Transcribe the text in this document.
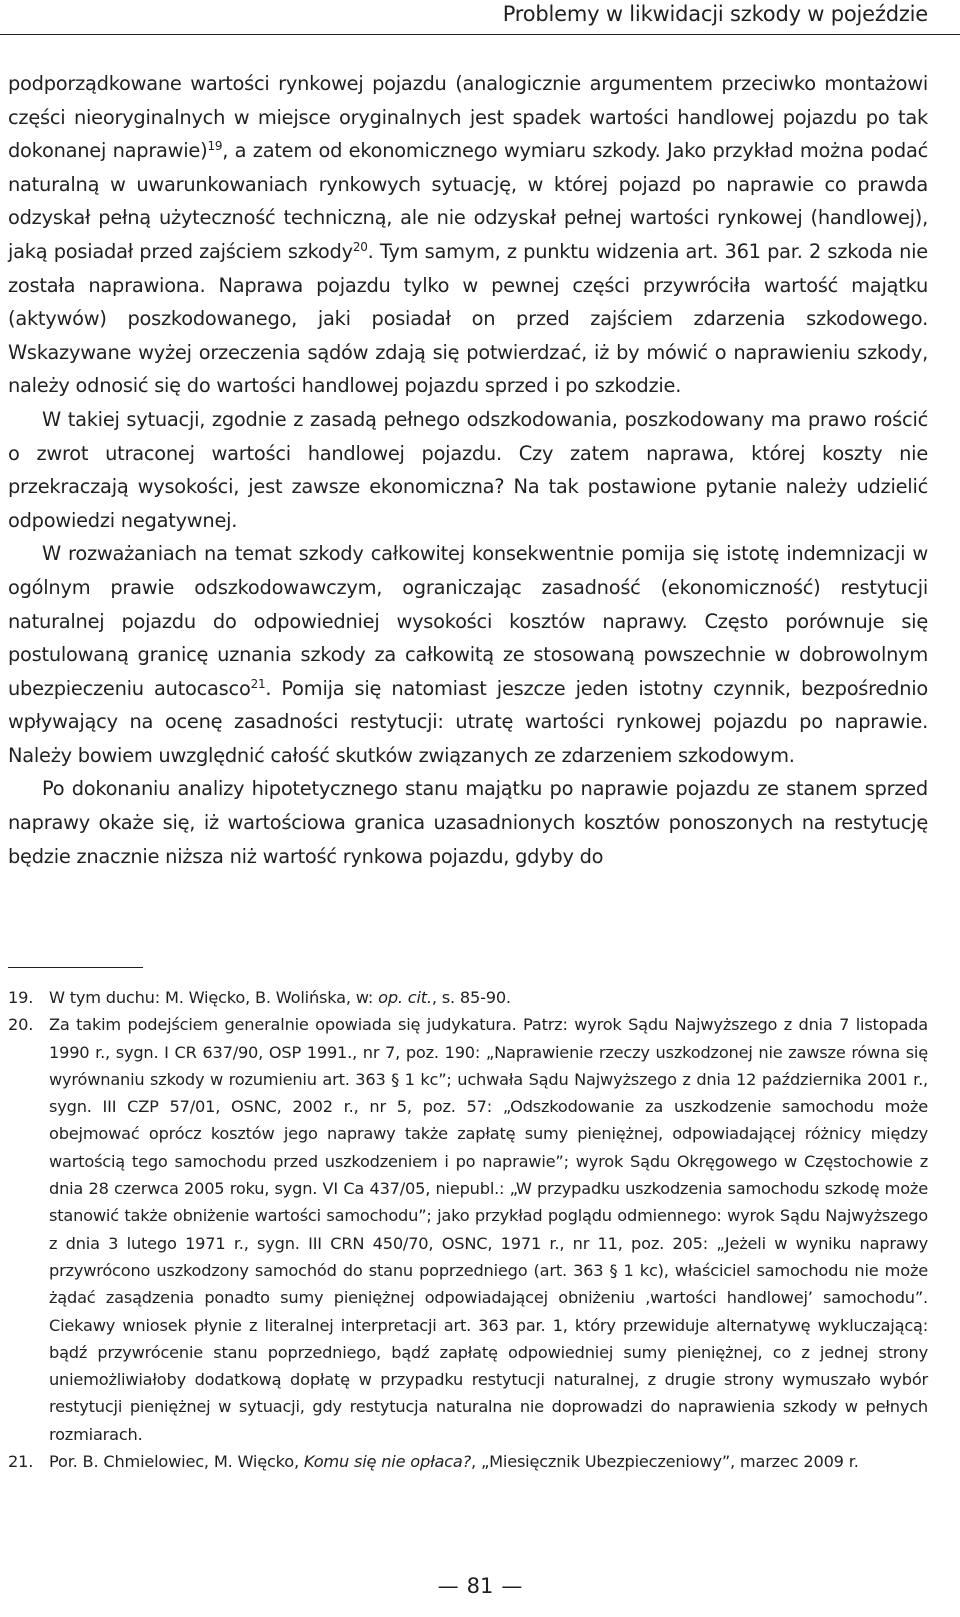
Problemy w likwidacji szkody w pojeździe

podporządkowane wartości rynkowej pojazdu (analogicznie argumentem przeciwko montażowi części nieoryginalnych w miejsce oryginalnych jest spadek wartości handlowej pojazdu po tak dokonanej naprawie)$^{19}$, a zatem od ekonomicznego wymiaru szkody. Jako przykład można podać naturalną w uwarunkowaniach rynkowych sytuację, w której pojazd po naprawie co prawda odzyskał pełną użyteczność techniczną, ale nie odzyskał pełnej wartości rynkowej (handlowej), jaką posiadał przed zajściem szkody$^{20}$. Tym samym, z punktu widzenia art. 361 par. 2 szkoda nie została naprawiona. Naprawa pojazdu tylko w pewnej części przywróciła wartość majątku (aktywów) poszkodowanego, jaki posiadał on przed zajściem zdarzenia szkodowego. Wskazywane wyżej orzeczenia sądów zdają się potwierdzać, iż by mówić o naprawieniu szkody, należy odnosić się do wartości handlowej pojazdu sprzed i po szkodzie.

W takiej sytuacji, zgodnie z zasadą pełnego odszkodowania, poszkodowany ma prawo rościć o zwrot utraconej wartości handlowej pojazdu. Czy zatem naprawa, której koszty nie przekraczają wysokości, jest zawsze ekonomiczna? Na tak postawione pytanie należy udzielić odpowiedzi negatywnej.

W rozważaniach na temat szkody całkowitej konsekwentnie pomija się istotę indemnizacji w ogólnym prawie odszkodowawczym, ograniczając zasadność (ekonomiczność) restytucji naturalnej pojazdu do odpowiedniej wysokości kosztów naprawy. Często porównuje się postulowaną granicę uznania szkody za całkowitą ze stosowaną powszechnie w dobrowolnym ubezpieczeniu autocasco$^{21}$. Pomija się natomiast jeszcze jeden istotny czynnik, bezpośrednio wpływający na ocenę zasadności restytucji: utratę wartości rynkowej pojazdu po naprawie. Należy bowiem uwzględnić całość skutków związanych ze zdarzeniem szkodowym.

Po dokonaniu analizy hipotetycznego stanu majątku po naprawie pojazdu ze stanem sprzed naprawy okaże się, iż wartościowa granica uzasadnionych kosztów ponoszonych na restytucję będzie znacznie niższa niż wartość rynkowa pojazdu, gdyby do

19. W tym duchu: M. Więcko, B. Wolińska, w: op. cit., s. 85-90.
20. Za takim podejściem generalnie opowiada się judykatura. Patrz: wyrok Sądu Najwyższego z dnia 7 listopada 1990 r., sygn. I CR 637/90, OSP 1991., nr 7, poz. 190: „Naprawienie rzeczy uszkodzonej nie zawsze równa się wyrównaniu szkody w rozumieniu art. 363 § 1 kc”; uchwała Sądu Najwyższego z dnia 12 października 2001 r., sygn. III CZP 57/01, OSNC, 2002 r., nr 5, poz. 57: „Odszkodowanie za uszkodzenie samochodu może obejmować oprócz kosztów jego naprawy także zapłatę sumy pieniężnej, odpowiadającej różnicy między wartością tego samochodu przed uszkodzeniem i po naprawie”; wyrok Sądu Okręgowego w Częstochowie z dnia 28 czerwca 2005 roku, sygn. VI Ca 437/05, niepubl.: „W przypadku uszkodzenia samochodu szkodę może stanowić także obniżenie wartości samochodu”; jako przykład poglądu odmiennego: wyrok Sądu Najwyższego z dnia 3 lutego 1971 r., sygn. III CRN 450/70, OSNC, 1971 r., nr 11, poz. 205: „Jeżeli w wyniku naprawy przywrócono uszkodzony samochód do stanu poprzedniego (art. 363 § 1 kc), właściciel samochodu nie może żądać zasądzenia ponadto sumy pieniężnej odpowiadającej obniżeniu ‚wartości handlowej’ samochodu”. Ciekawy wniosek płynie z literalnej interpretacji art. 363 par. 1, który przewiduje alternatywę wykluczającą: bądź przywrócenie stanu poprzedniego, bądź zapłatę odpowiedniej sumy pieniężnej, co z jednej strony uniemożliwiałoby dodatkową dopłatę w przypadku restytucji naturalnej, z drugie strony wymuszało wybór restytucji pieniężnej w sytuacji, gdy restytucja naturalna nie doprowadzi do naprawienia szkody w pełnych rozmiarach.
21. Por. B. Chmielowiec, M. Więcko, Komu się nie opłaca?, „Miesięcznik Ubezpieczeniowy”, marzec 2009 r.
— 81 —
